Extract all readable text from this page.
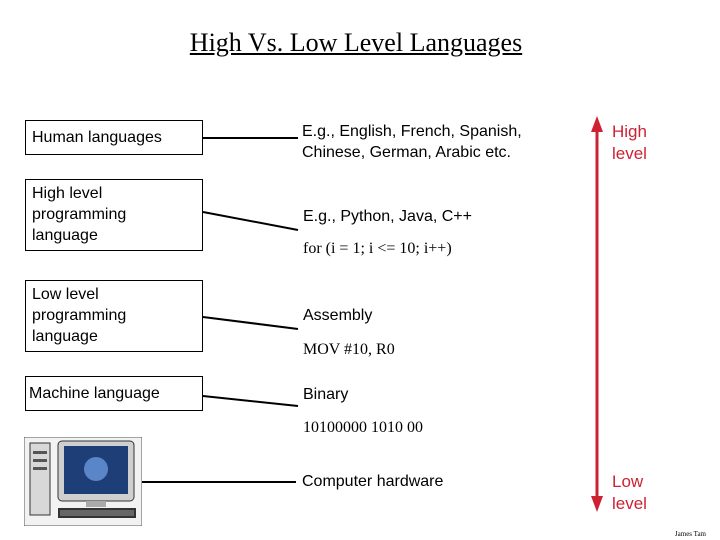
High Vs. Low Level Languages
Human languages
High level programming language
Low level programming language
Machine language
E.g., English, French, Spanish, Chinese, German, Arabic etc.
E.g., Python, Java, C++
for (i = 1; i <= 10; i++)
Assembly
MOV #10, R0
Binary
10100000 1010 00
Computer hardware
High level
Low level
James Tam
